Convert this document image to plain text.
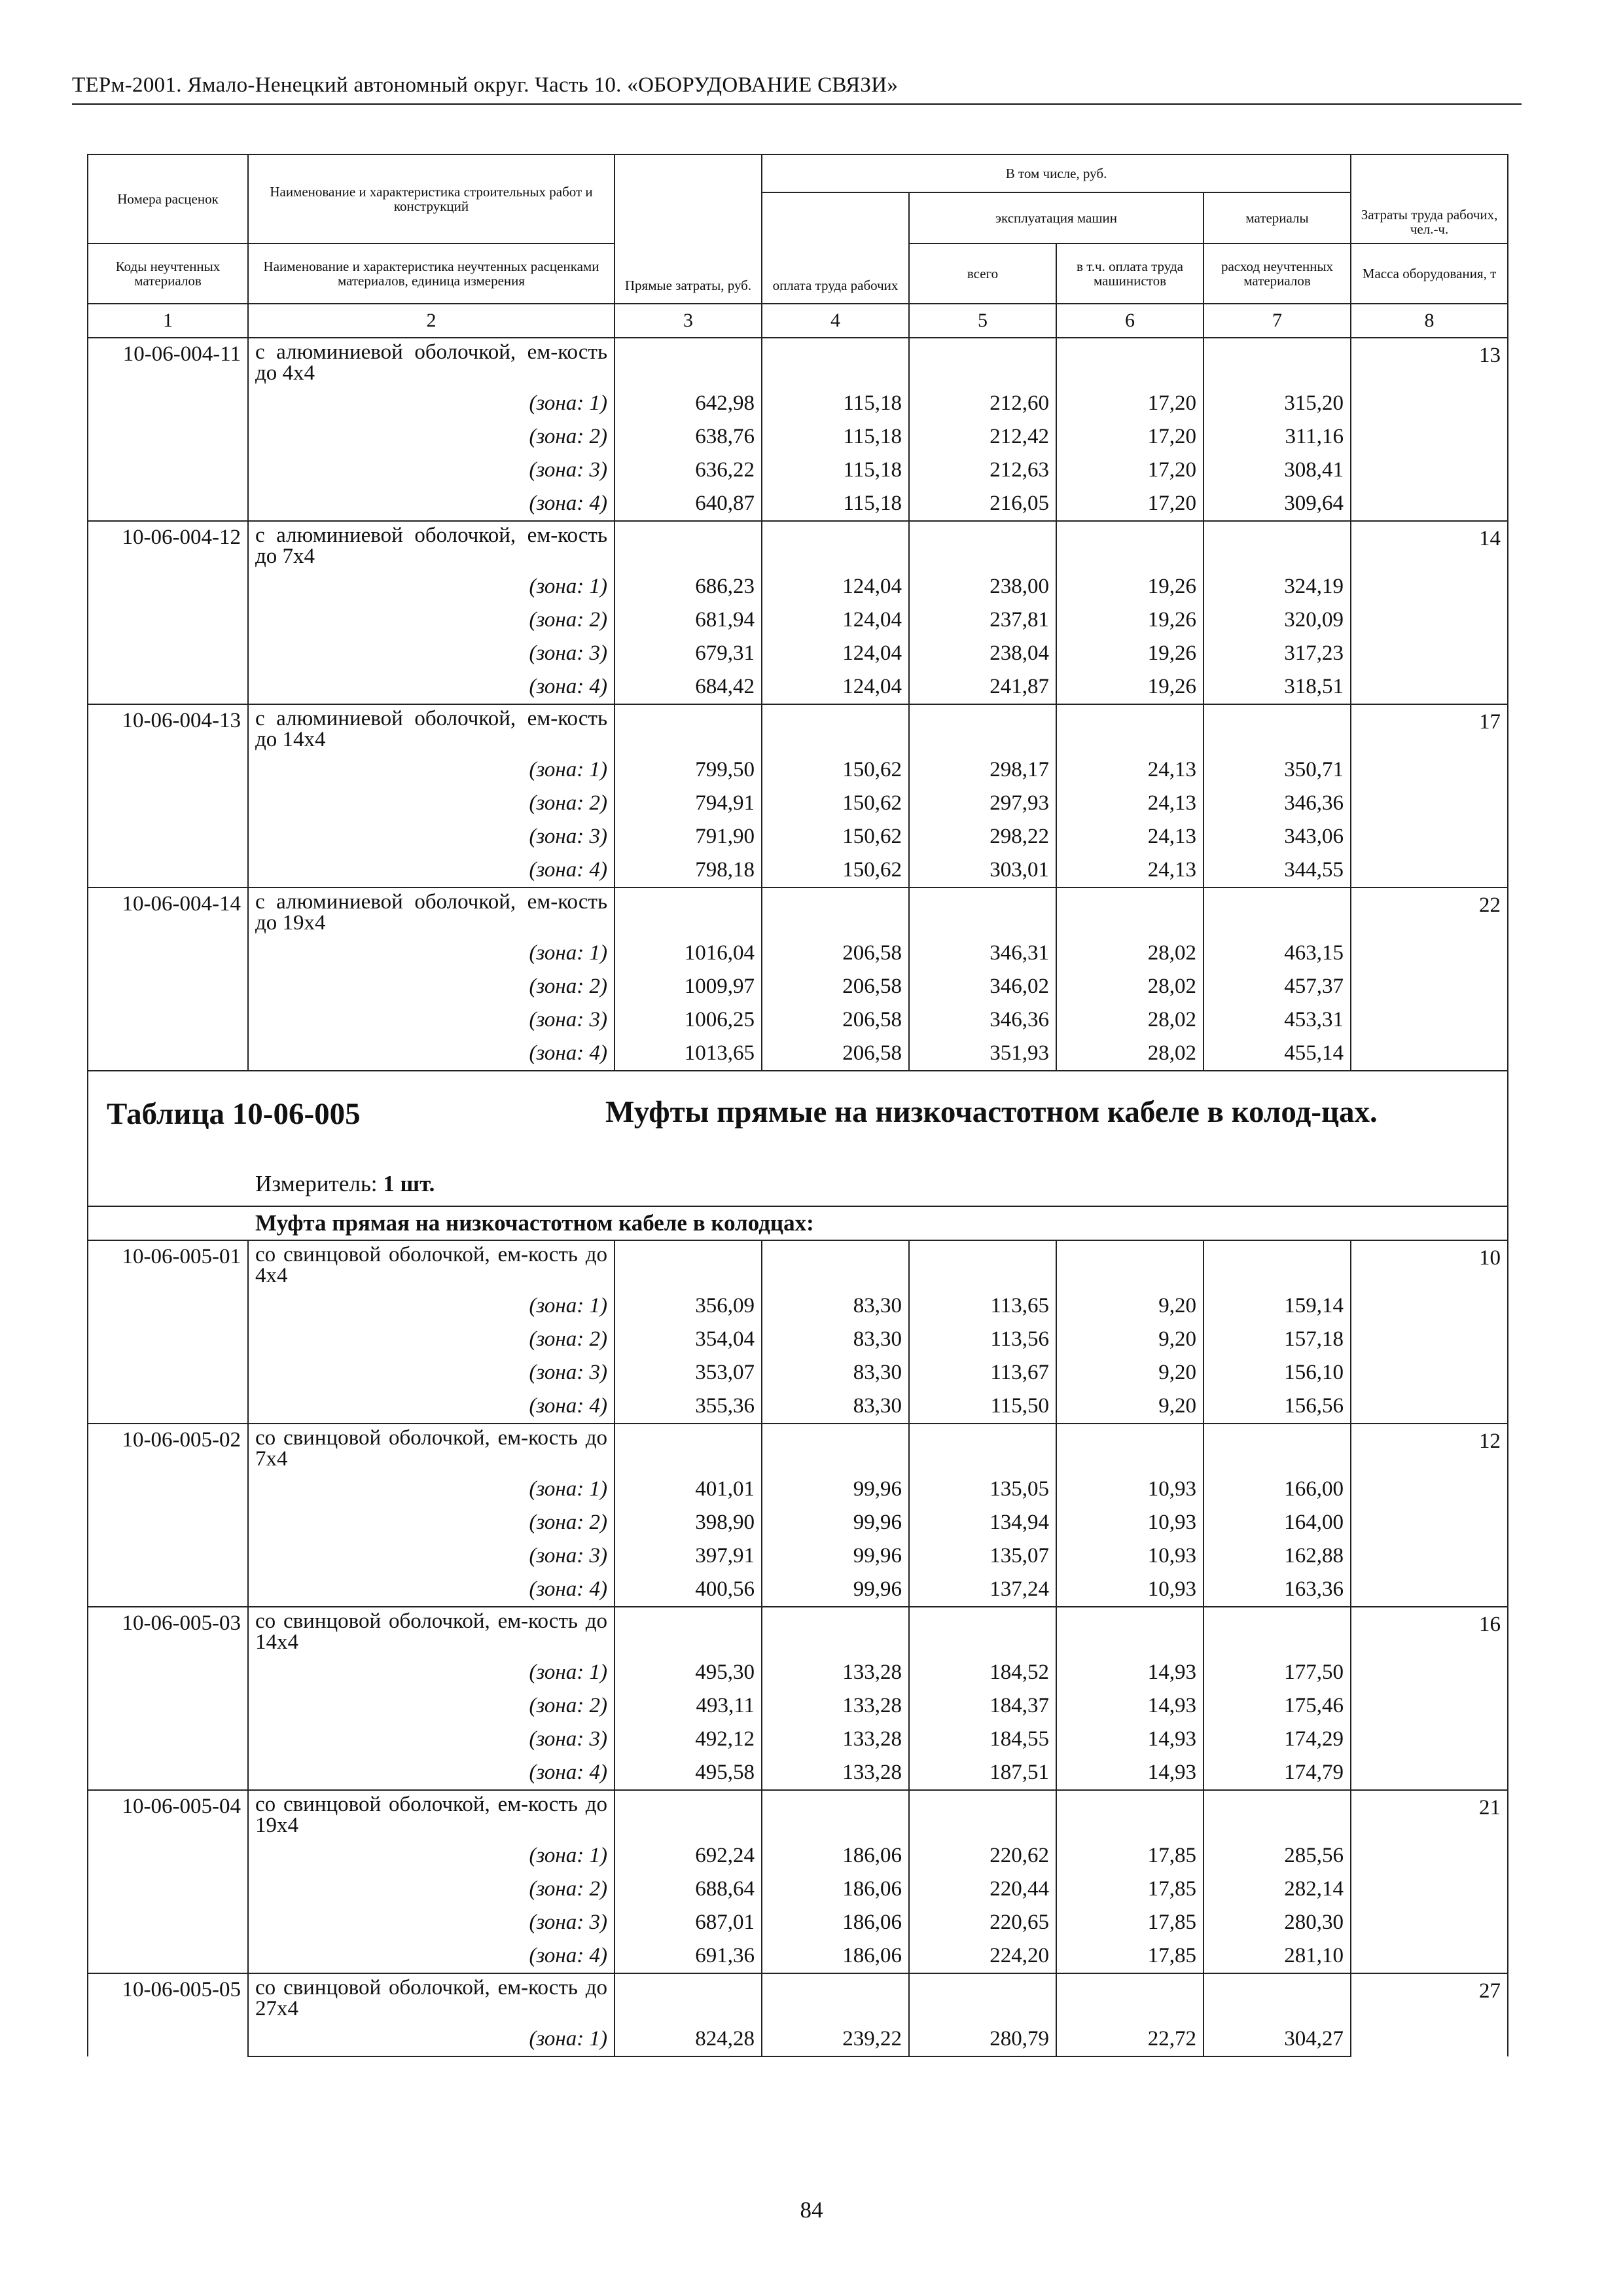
ТЕРм-2001. Ямало-Ненецкий автономный округ. Часть 10. «ОБОРУДОВАНИЕ СВЯЗИ»
Номера расценок	Наименование и характеристика строительных работ и конструкций	Прямые затраты, руб.	В том числе, руб.				Затраты труда рабочих, чел.-ч.
			оплата труда рабочих	эксплуатация машин		материалы	
Коды неучтенных материалов	Наименование и характеристика неучтенных расценками материалов, единица измерения			всего	в т.ч. оплата труда машинистов	расход неучтенных материалов	Масса оборудования, т
1	2	3	4	5	6	7	8
10-06-004-11	с алюминиевой оболочкой, ем-кость до 4х4						13
	(зона: 1)	642,98	115,18	212,60	17,20	315,20	
	(зона: 2)	638,76	115,18	212,42	17,20	311,16	
	(зона: 3)	636,22	115,18	212,63	17,20	308,41	
	(зона: 4)	640,87	115,18	216,05	17,20	309,64	
10-06-004-12	с алюминиевой оболочкой, ем-кость до 7х4						14
	(зона: 1)	686,23	124,04	238,00	19,26	324,19	
	(зона: 2)	681,94	124,04	237,81	19,26	320,09	
	(зона: 3)	679,31	124,04	238,04	19,26	317,23	
	(зона: 4)	684,42	124,04	241,87	19,26	318,51	
10-06-004-13	с алюминиевой оболочкой, ем-кость до 14х4						17
	(зона: 1)	799,50	150,62	298,17	24,13	350,71	
	(зона: 2)	794,91	150,62	297,93	24,13	346,36	
	(зона: 3)	791,90	150,62	298,22	24,13	343,06	
	(зона: 4)	798,18	150,62	303,01	24,13	344,55	
10-06-004-14	с алюминиевой оболочкой, ем-кость до 19х4						22
	(зона: 1)	1016,04	206,58	346,31	28,02	463,15	
	(зона: 2)	1009,97	206,58	346,02	28,02	457,37	
	(зона: 3)	1006,25	206,58	346,36	28,02	453,31	
	(зона: 4)	1013,65	206,58	351,93	28,02	455,14	

Таблица 10-06-005 Муфты прямые на низкочастотном кабеле в колод-цах.
Измеритель: 1 шт.							

Муфта прямая на низкочастотном кабеле в колодцах:							
10-06-005-01	со свинцовой оболочкой, ем-кость до 4х4						10
	(зона: 1)	356,09	83,30	113,65	9,20	159,14	
	(зона: 2)	354,04	83,30	113,56	9,20	157,18	
	(зона: 3)	353,07	83,30	113,67	9,20	156,10	
	(зона: 4)	355,36	83,30	115,50	9,20	156,56	
10-06-005-02	со свинцовой оболочкой, ем-кость до 7х4						12
	(зона: 1)	401,01	99,96	135,05	10,93	166,00	
	(зона: 2)	398,90	99,96	134,94	10,93	164,00	
	(зона: 3)	397,91	99,96	135,07	10,93	162,88	
	(зона: 4)	400,56	99,96	137,24	10,93	163,36	
10-06-005-03	со свинцовой оболочкой, ем-кость до 14х4						16
	(зона: 1)	495,30	133,28	184,52	14,93	177,50	
	(зона: 2)	493,11	133,28	184,37	14,93	175,46	
	(зона: 3)	492,12	133,28	184,55	14,93	174,29	
	(зона: 4)	495,58	133,28	187,51	14,93	174,79	
10-06-005-04	со свинцовой оболочкой, ем-кость до 19х4						21
	(зона: 1)	692,24	186,06	220,62	17,85	285,56	
	(зона: 2)	688,64	186,06	220,44	17,85	282,14	
	(зона: 3)	687,01	186,06	220,65	17,85	280,30	
	(зона: 4)	691,36	186,06	224,20	17,85	281,10	
10-06-005-05	со свинцовой оболочкой, ем-кость до 27х4						27
	(зона: 1)	824,28	239,22	280,79	22,72	304,27	
84
